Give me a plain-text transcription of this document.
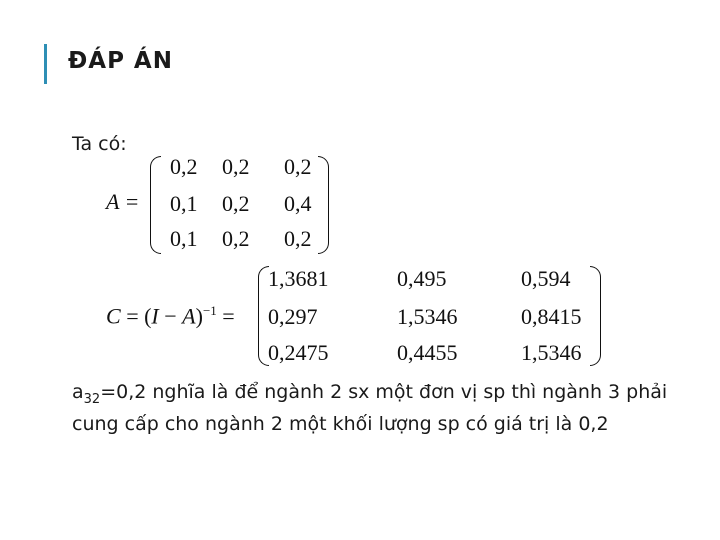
ĐÁP ÁN
Ta có:
A =
0,2 0,2 0,2
0,1 0,2 0,4
0,1 0,2 0,2
$C = (I - A)^{-1}$ =
1,3681	0,495	0,594
0,297	1,5346	0,8415
0,2475	0,4455	1,5346
$a_{32}=0,2$ nghĩa là để ngành 2 sx một đơn vị sp thì ngành 3 phải cung cấp cho ngành 2 một khối lượng sp có giá trị là 0,2
